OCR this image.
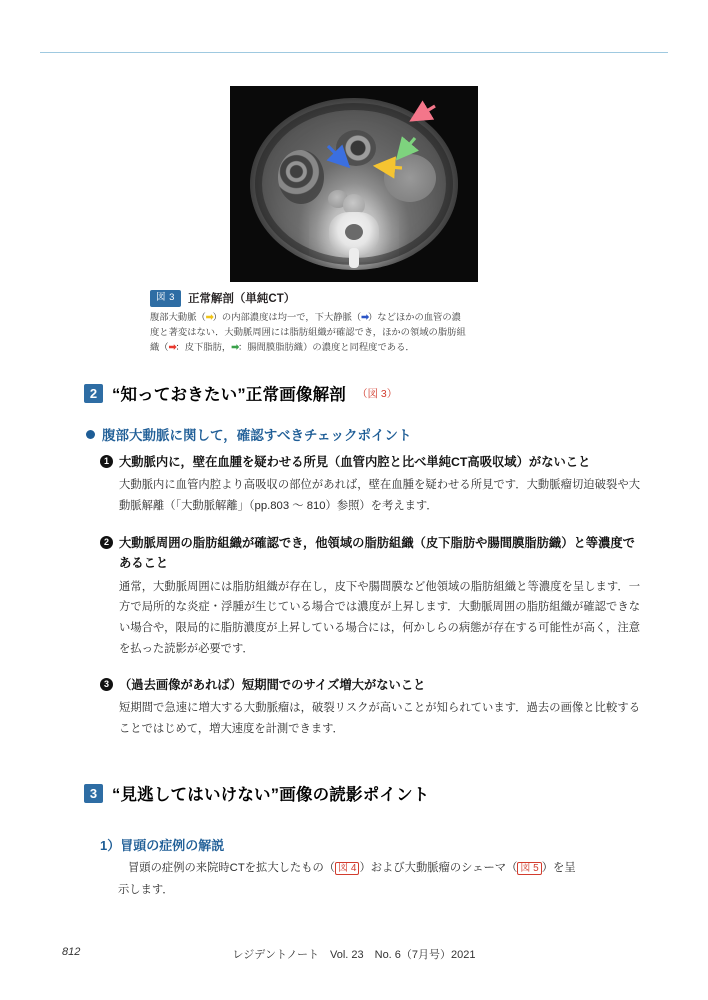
図 3	正常解剖（単純CT）
腹部大動脈（➡）の内部濃度は均一で，下大静脈（➡）などほかの血管の濃度と著変はない．大動脈周囲には脂肪組織が確認でき，ほかの領域の脂肪組織（➡：皮下脂肪，➡：腸間膜脂肪織）の濃度と同程度である．
2 “知っておきたい”正常画像解剖 （図 3）
腹部大動脈に関して，確認すべきチェックポイント
1 大動脈内に，壁在血腫を疑わせる所見（血管内腔と比べ単純CT高吸収域）がないこと
大動脈内に血管内腔より高吸収の部位があれば，壁在血腫を疑わせる所見です．大動脈瘤切迫破裂や大動脈解離（「大動脈解離」（pp.803 〜 810）参照）を考えます．
2 大動脈周囲の脂肪組織が確認でき，他領域の脂肪組織（皮下脂肪や腸間膜脂肪織）と等濃度であること
通常，大動脈周囲には脂肪組織が存在し，皮下や腸間膜など他領域の脂肪組織と等濃度を呈します．一方で局所的な炎症・浮腫が生じている場合では濃度が上昇します．大動脈周囲の脂肪組織が確認できない場合や，限局的に脂肪濃度が上昇している場合には，何かしらの病態が存在する可能性が高く，注意を払った読影が必要です．
3 （過去画像があれば）短期間でのサイズ増大がないこと
短期間で急速に増大する大動脈瘤は，破裂リスクが高いことが知られています．過去の画像と比較することではじめて，増大速度を計測できます．
3 “見逃してはいけない”画像の読影ポイント
1）冒頭の症例の解説
冒頭の症例の来院時CTを拡大したもの（ 図 4 ）および大動脈瘤のシェーマ（ 図 5 ）を呈
示します．
812	レジデントノート　Vol. 23　No. 6（7月号）2021
